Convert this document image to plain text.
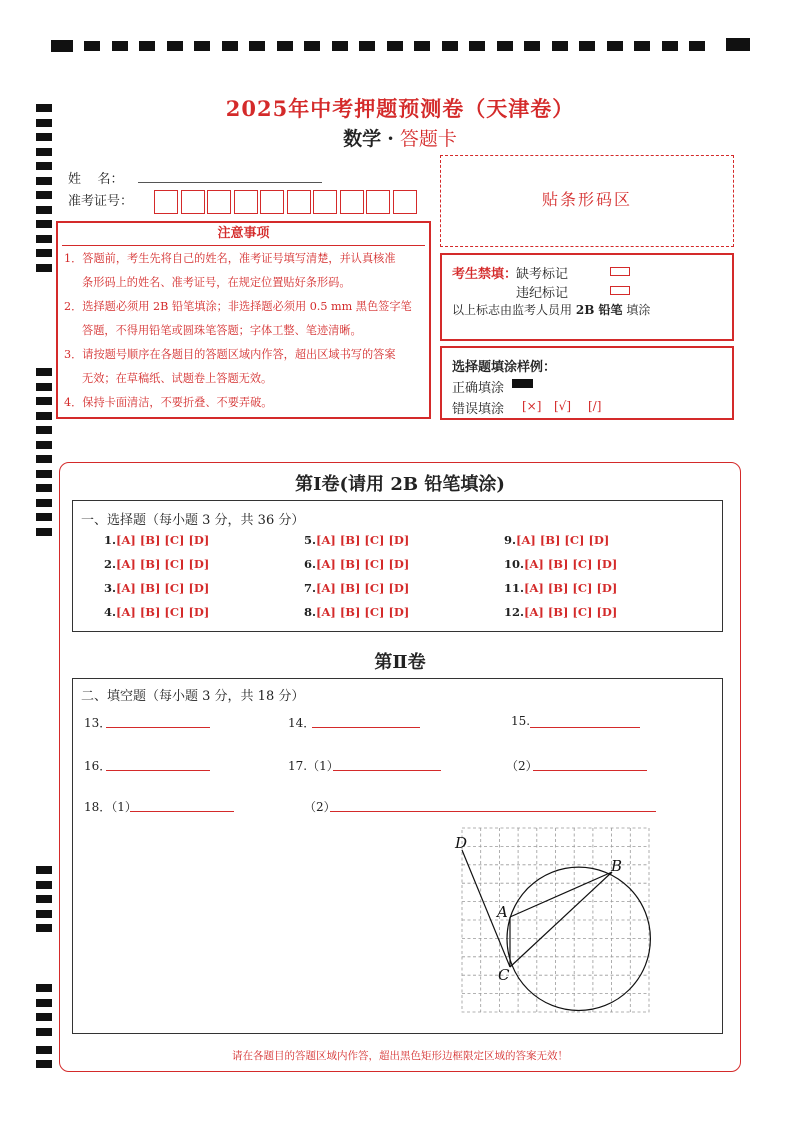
2025年中考押题预测卷（天津卷）
数学 · 答题卡
姓    名：
准考证号：	贴条形码区
注意事项
1．答题前，考生先将自己的姓名，准考证号填写清楚，并认真核准
条形码上的姓名、准考证号，在规定位置贴好条形码。
2．选择题必须用 2B 铅笔填涂；非选择题必须用 0.5 mm 黑色签字笔
答题，不得用铅笔或圆珠笔答题；字体工整、笔迹清晰。
3．请按题号顺序在各题目的答题区域内作答，超出区域书写的答案
无效；在草稿纸、试题卷上答题无效。
4．保持卡面清洁，不要折叠、不要弄破。
考生禁填：
缺考标记
违纪标记
以上标志由监考人员用 2B 铅笔 填涂
选择题填涂样例：
正确填涂
错误填涂 [×] [√] [/]
第Ⅰ卷(请用 2B 铅笔填涂)
一、选择题（每小题 3 分，共 36 分）
1.[A] [B] [C] [D]
2.[A] [B] [C] [D]
3.[A] [B] [C] [D]
4.[A] [B] [C] [D]
5.[A] [B] [C] [D]
6.[A] [B] [C] [D]
7.[A] [B] [C] [D]
8.[A] [B] [C] [D]
9.[A] [B] [C] [D]
10.[A] [B] [C] [D]
11.[A] [B] [C] [D]
12.[A] [B] [C] [D]
第Ⅱ卷
二、填空题（每小题 3 分，共 18 分）
13．	14．	15.
16．	17.（1）	（2）
18．（1）	（2）
D
B
A
C
请在各题目的答题区域内作答，超出黑色矩形边框限定区域的答案无效！
